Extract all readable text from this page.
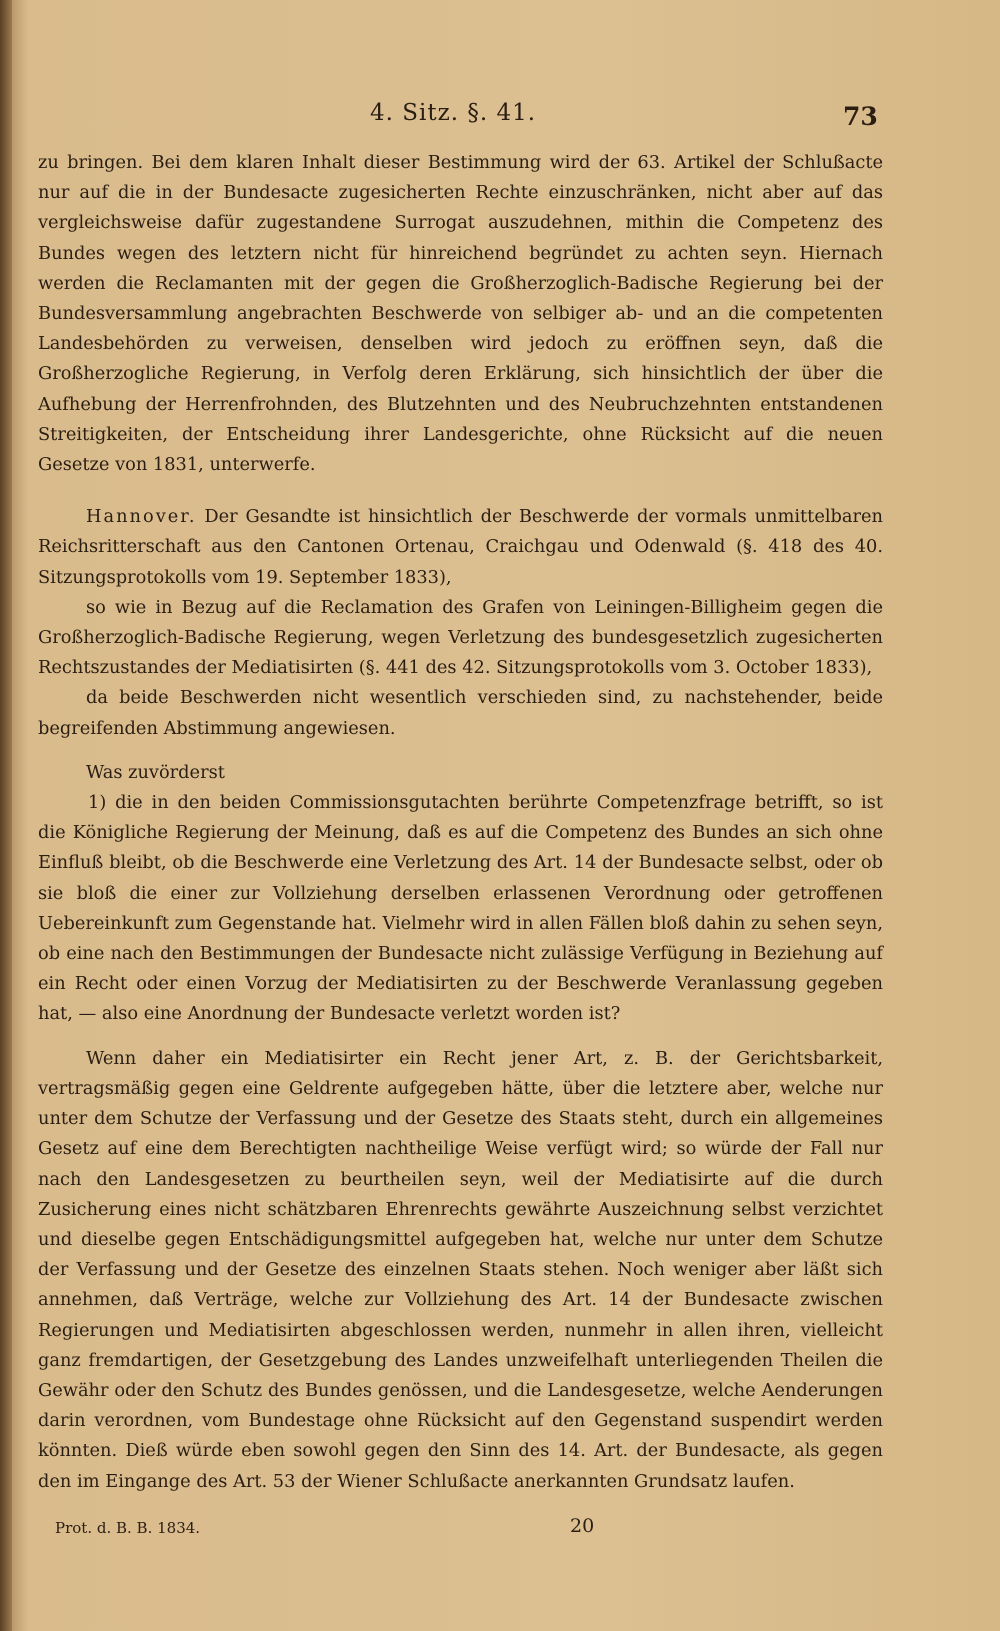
4. Sitz. §. 41.	73

zu bringen. Bei dem klaren Inhalt dieser Bestimmung wird der 63. Artikel der Schlußacte nur auf die in der Bundesacte zugesicherten Rechte einzuschränken, nicht aber auf das vergleichsweise dafür zugestandene Surrogat auszudehnen, mithin die Competenz des Bundes wegen des letztern nicht für hinreichend begründet zu achten seyn. Hiernach werden die Reclamanten mit der gegen die Großherzoglich-Badische Regierung bei der Bundesversammlung angebrachten Beschwerde von selbiger ab- und an die competenten Landesbehörden zu verweisen, denselben wird jedoch zu eröffnen seyn, daß die Großherzogliche Regierung, in Verfolg deren Erklärung, sich hinsichtlich der über die Aufhebung der Herrenfrohnden, des Blutzehnten und des Neubruchzehnten entstandenen Streitigkeiten, der Entscheidung ihrer Landesgerichte, ohne Rücksicht auf die neuen Gesetze von 1831, unterwerfe.

Hannover. Der Gesandte ist hinsichtlich der Beschwerde der vormals unmittelbaren Reichsritterschaft aus den Cantonen Ortenau, Craichgau und Odenwald (§. 418 des 40. Sitzungsprotokolls vom 19. September 1833),

so wie in Bezug auf die Reclamation des Grafen von Leiningen-Billigheim gegen die Großherzoglich-Badische Regierung, wegen Verletzung des bundesgesetzlich zugesicherten Rechtszustandes der Mediatisirten (§. 441 des 42. Sitzungsprotokolls vom 3. October 1833),

da beide Beschwerden nicht wesentlich verschieden sind, zu nachstehender, beide begreifenden Abstimmung angewiesen.

Was zuvörderst

1) die in den beiden Commissionsgutachten berührte Competenzfrage betrifft, so ist die Königliche Regierung der Meinung, daß es auf die Competenz des Bundes an sich ohne Einfluß bleibt, ob die Beschwerde eine Verletzung des Art. 14 der Bundesacte selbst, oder ob sie bloß die einer zur Vollziehung derselben erlassenen Verordnung oder getroffenen Uebereinkunft zum Gegenstande hat. Vielmehr wird in allen Fällen bloß dahin zu sehen seyn, ob eine nach den Bestimmungen der Bundesacte nicht zulässige Verfügung in Beziehung auf ein Recht oder einen Vorzug der Mediatisirten zu der Beschwerde Veranlassung gegeben hat, — also eine Anordnung der Bundesacte verletzt worden ist?

Wenn daher ein Mediatisirter ein Recht jener Art, z. B. der Gerichtsbarkeit, vertragsmäßig gegen eine Geldrente aufgegeben hätte, über die letztere aber, welche nur unter dem Schutze der Verfassung und der Gesetze des Staats steht, durch ein allgemeines Gesetz auf eine dem Berechtigten nachtheilige Weise verfügt wird; so würde der Fall nur nach den Landesgesetzen zu beurtheilen seyn, weil der Mediatisirte auf die durch Zusicherung eines nicht schätzbaren Ehrenrechts gewährte Auszeichnung selbst verzichtet und dieselbe gegen Entschädigungsmittel aufgegeben hat, welche nur unter dem Schutze der Verfassung und der Gesetze des einzelnen Staats stehen. Noch weniger aber läßt sich annehmen, daß Verträge, welche zur Vollziehung des Art. 14 der Bundesacte zwischen Regierungen und Mediatisirten abgeschlossen werden, nunmehr in allen ihren, vielleicht ganz fremdartigen, der Gesetzgebung des Landes unzweifelhaft unterliegenden Theilen die Gewähr oder den Schutz des Bundes genössen, und die Landesgesetze, welche Aenderungen darin verordnen, vom Bundestage ohne Rücksicht auf den Gegenstand suspendirt werden könnten. Dieß würde eben sowohl gegen den Sinn des 14. Art. der Bundesacte, als gegen den im Eingange des Art. 53 der Wiener Schlußacte anerkannten Grundsatz laufen.

Prot. d. B. B. 1834.	20
